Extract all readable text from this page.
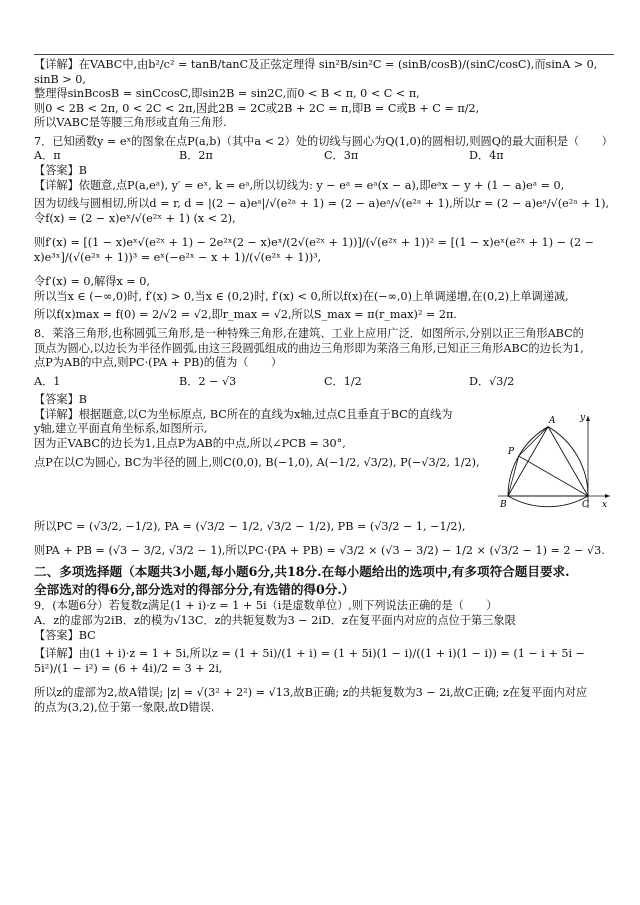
【详解】在VABC中,由b²/c² = tanB/tanC及正弦定理得 sin²B/sin²C = (sinB/cosB)/(sinC/cosC),而sinA > 0, sinB > 0,

整理得sinBcosB = sinCcosC,即sin2B = sin2C,而0 < B < π, 0 < C < π,

则0 < 2B < 2π, 0 < 2C < 2π,因此2B = 2C或2B + 2C = π,即B = C或B + C = π/2,

所以VABC是等腰三角形或直角三角形.

7．已知函数y = eˣ的图象在点P(a,b)（其中a < 2）处的切线与圆心为Q(1,0)的圆相切,则圆Q的最大面积是（　　）

A．π	B．2π	C．3π	D．4π

【答案】B

【详解】依题意,点P(a,eᵃ), y′ = eˣ, k = eᵃ,所以切线为: y − eᵃ = eᵃ(x − a),即eᵃx − y + (1 − a)eᵃ = 0,

因为切线与圆相切,所以d = r, d = |(2 − a)eᵃ|/√(e²ᵃ + 1) = (2 − a)eᵃ/√(e²ᵃ + 1),所以r = (2 − a)eᵃ/√(e²ᵃ + 1),令f(x) = (2 − x)eˣ/√(e²ˣ + 1) (x < 2),

则f′(x) = [(1 − x)eˣ√(e²ˣ + 1) − 2e²ˣ(2 − x)eˣ/(2√(e²ˣ + 1))]/(√(e²ˣ + 1))² = [(1 − x)eˣ(e²ˣ + 1) − (2 − x)e³ˣ]/(√(e²ˣ + 1))³ = eˣ(−e²ˣ − x + 1)/(√(e²ˣ + 1))³,

令f′(x) = 0,解得x = 0,

所以当x ∈ (−∞,0)时, f′(x) > 0,当x ∈ (0,2)时, f′(x) < 0,所以f(x)在(−∞,0)上单调递增,在(0,2)上单调递减,

所以f(x)max = f(0) = 2/√2 = √2,即r_max = √2,所以S_max = π(r_max)² = 2π.

8．莱洛三角形,也称圆弧三角形,是一种特殊三角形,在建筑、工业上应用广泛．如图所示,分别以正三角形ABC的

顶点为圆心,以边长为半径作圆弧,由这三段圆弧组成的曲边三角形即为莱洛三角形,已知正三角形ABC的边长为1,

点P为AB的中点,则PC·(PA + PB)的值为（　　）

A．1	B．2 − √3	C．1/2	D．√3/2

【答案】B

【详解】根据题意,以C为坐标原点, BC所在的直线为x轴,过点C且垂直于BC的直线为

y轴,建立平面直角坐标系,如图所示,

因为正VABC的边长为1,且点P为AB的中点,所以∠PCB = 30°,

点P在以C为圆心, BC为半径的圆上,则C(0,0), B(−1,0), A(−1/2, √3/2), P(−√3/2, 1/2),

y
x
A
P
B	C

所以PC = (√3/2, −1/2), PA = (√3/2 − 1/2, √3/2 − 1/2), PB = (√3/2 − 1, −1/2),

则PA + PB = (√3 − 3/2, √3/2 − 1),所以PC·(PA + PB) = √3/2 × (√3 − 3/2) − 1/2 × (√3/2 − 1) = 2 − √3.

二、多项选择题（本题共3小题,每小题6分,共18分.在每小题给出的选项中,有多项符合题目要求.

全部选对的得6分,部分选对的得部分分,有选错的得0分.）

9．(本题6分）若复数z满足(1 + i)·z = 1 + 5i（i是虚数单位）,则下列说法正确的是（　　）

A．z的虚部为2iB．z的模为√13C．z的共轭复数为3 − 2iD．z在复平面内对应的点位于第三象限

【答案】BC

【详解】由(1 + i)·z = 1 + 5i,所以z = (1 + 5i)/(1 + i) = (1 + 5i)(1 − i)/((1 + i)(1 − i)) = (1 − i + 5i − 5i²)/(1 − i²) = (6 + 4i)/2 = 3 + 2i,

所以z的虚部为2,故A错误; |z| = √(3² + 2²) = √13,故B正确; z的共轭复数为3 − 2i,故C正确; z在复平面内对应

的点为(3,2),位于第一象限,故D错误.
